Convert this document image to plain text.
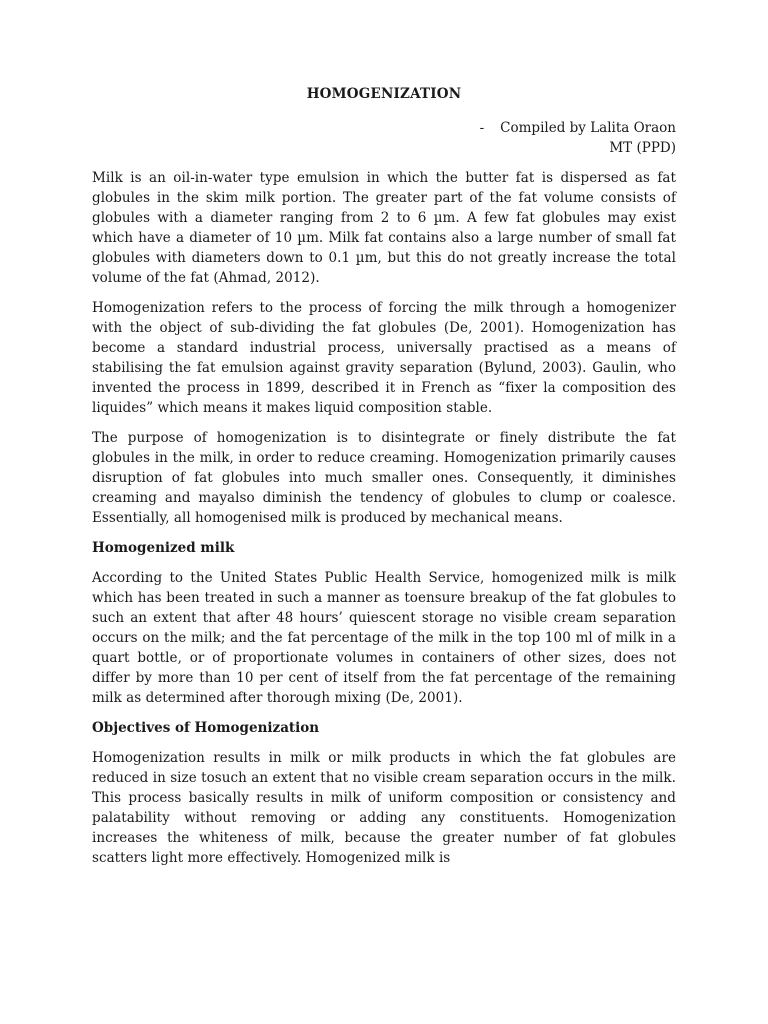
HOMOGENIZATION
- Compiled by Lalita Oraon
MT (PPD)

Milk is an oil-in-water type emulsion in which the butter fat is dispersed as fat globules in the skim milk portion. The greater part of the fat volume consists of globules with a diameter ranging from 2 to 6 µm. A few fat globules may exist which have a diameter of 10 µm. Milk fat contains also a large number of small fat globules with diameters down to 0.1 µm, but this do not greatly increase the total volume of the fat (Ahmad, 2012).

Homogenization refers to the process of forcing the milk through a homogenizer with the object of sub-dividing the fat globules (De, 2001). Homogenization has become a standard industrial process, universally practised as a means of stabilising the fat emulsion against gravity separation (Bylund, 2003). Gaulin, who invented the process in 1899, described it in French as “fixer la composition des liquides” which means it makes liquid composition stable.

The purpose of homogenization is to disintegrate or finely distribute the fat globules in the milk, in order to reduce creaming. Homogenization primarily causes disruption of fat globules into much smaller ones. Consequently, it diminishes creaming and mayalso diminish the tendency of globules to clump or coalesce. Essentially, all homogenised milk is produced by mechanical means.

Homogenized milk

According to the United States Public Health Service, homogenized milk is milk which has been treated in such a manner as toensure breakup of the fat globules to such an extent that after 48 hours’ quiescent storage no visible cream separation occurs on the milk; and the fat percentage of the milk in the top 100 ml of milk in a quart bottle, or of proportionate volumes in containers of other sizes, does not differ by more than 10 per cent of itself from the fat percentage of the remaining milk as determined after thorough mixing (De, 2001).

Objectives of Homogenization

Homogenization results in milk or milk products in which the fat globules are reduced in size tosuch an extent that no visible cream separation occurs in the milk. This process basically results in milk of uniform composition or consistency and palatability without removing or adding any constituents. Homogenization increases the whiteness of milk, because the greater number of fat globules scatters light more effectively. Homogenized milk is
